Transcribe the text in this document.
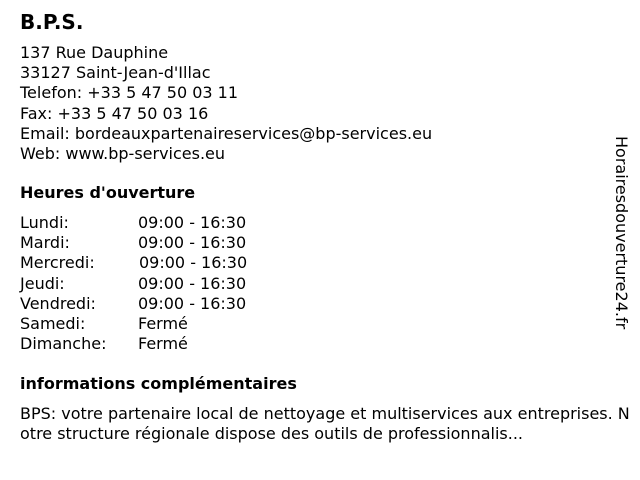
B.P.S.
137 Rue Dauphine
33127 Saint-Jean-d'Illac
Telefon: +33 5 47 50 03 11
Fax: +33 5 47 50 03 16
Email: bordeauxpartenaireservices@bp-services.eu
Web: www.bp-services.eu
Heures d'ouverture
Lundi:	09:00 - 16:30
Mardi:	09:00 - 16:30
Mercredi:	09:00 - 16:30
Jeudi:	09:00 - 16:30
Vendredi:	09:00 - 16:30
Samedi:	Fermé
Dimanche: Fermé
informations complémentaires
BPS: votre partenaire local de nettoyage et multiservices aux entreprises. Notre structure régionale dispose des outils de professionnalis...
Horairesdouverture24.fr
